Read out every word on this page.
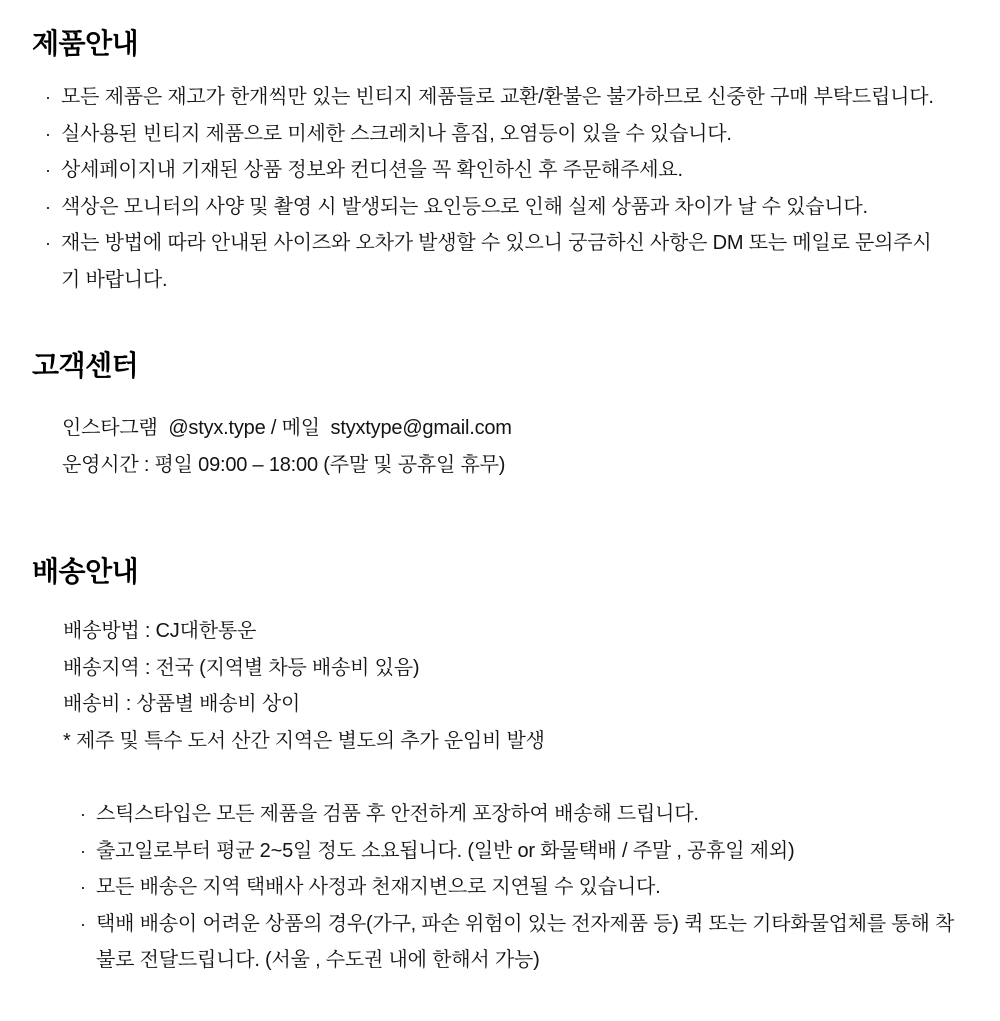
제품안내
· 모든 제품은 재고가 한개씩만 있는 빈티지 제품들로 교환/환불은 불가하므로 신중한 구매 부탁드립니다.
· 실사용된 빈티지 제품으로 미세한 스크레치나 흠집, 오염등이 있을 수 있습니다.
· 상세페이지내 기재된 상품 정보와 컨디션을 꼭 확인하신 후 주문해주세요.
· 색상은 모니터의 사양 및 촬영 시 발생되는 요인등으로 인해 실제 상품과 차이가 날 수 있습니다.
· 재는 방법에 따라 안내된 사이즈와 오차가 발생할 수 있으니 궁금하신 사항은 DM 또는 메일로 문의주시기 바랍니다.
고객센터
인스타그램  @styx.type / 메일  styxtype@gmail.com
운영시간 : 평일 09:00 – 18:00 (주말 및 공휴일 휴무)
배송안내
배송방법 : CJ대한통운
배송지역 : 전국 (지역별 차등 배송비 있음)
배송비 : 상품별 배송비 상이
* 제주 및 특수 도서 산간 지역은 별도의 추가 운임비 발생
· 스틱스타입은 모든 제품을 검품 후 안전하게 포장하여 배송해 드립니다.
· 출고일로부터 평균 2~5일 정도 소요됩니다. (일반 or 화물택배 / 주말 , 공휴일 제외)
· 모든 배송은 지역 택배사 사정과 천재지변으로 지연될 수 있습니다.
· 택배 배송이 어려운 상품의 경우(가구, 파손 위험이 있는 전자제품 등) 퀵 또는 기타화물업체를 통해 착불로 전달드립니다. (서울 , 수도권 내에 한해서 가능)
